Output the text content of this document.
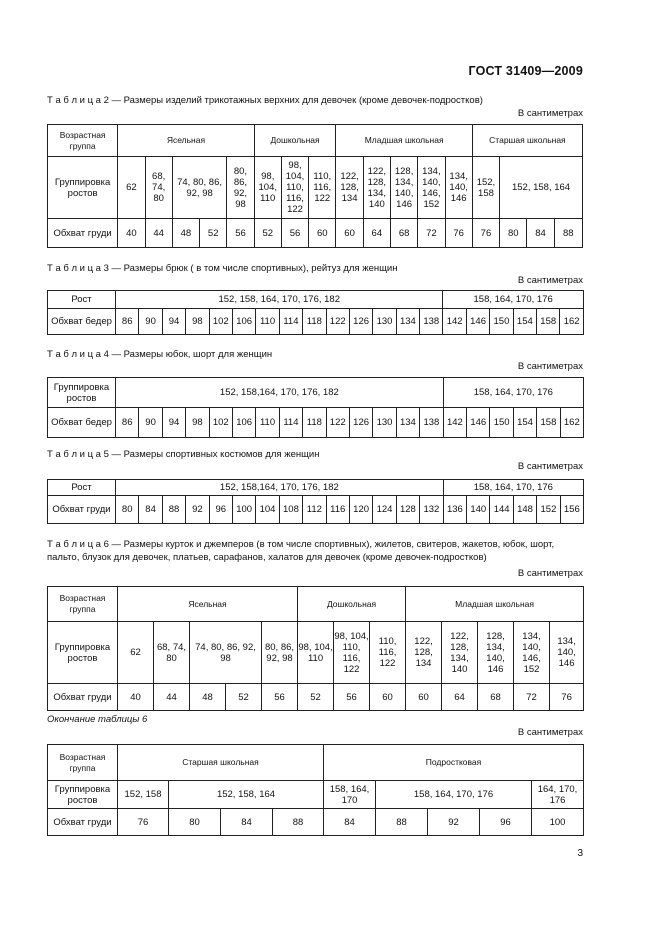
ГОСТ 31409—2009
Т а б л и ц а 2 — Размеры изделий трикотажных верхних для девочек (кроме девочек-подростков)
В сантиметрах
Возрастная группа	Ясельная					Дошкольная			Младшая школьная					Старшая школьная			
Группировка ростов	62	68, 74, 80	74, 80, 86, 92, 98		80, 86, 92, 98	98, 104, 110	98, 104, 110, 116, 122	110, 116, 122	122, 128, 134	122, 128, 134, 140	128, 134, 140, 146	134, 140, 146, 152	134, 140, 146	152, 158	152, 158, 164		
Обхват груди	40	44	48	52	56	52	56	60	60	64	68	72	76	76	80	84	88
Т а б л и ц а 3 — Размеры брюк ( в том числе спортивных), рейтуз для женщин
В сантиметрах
Рост	152, 158, 164, 170, 176, 182														158, 164, 170, 176					
Обхват бедер	86	90	94	98	102	106	110	114	118	122	126	130	134	138	142	146	150	154	158	162
Т а б л и ц а 4 — Размеры юбок, шорт для женщин
В сантиметрах
Группировка ростов	152, 158,164, 170, 176, 182														158, 164, 170, 176					
Обхват бедер	86	90	94	98	102	106	110	114	118	122	126	130	134	138	142	146	150	154	158	162
Т а б л и ц а 5 — Размеры спортивных костюмов для женщин
В сантиметрах
Рост	152, 158,164, 170, 176, 182														158, 164, 170, 176					
Обхват груди	80	84	88	92	96	100	104	108	112	116	120	124	128	132	136	140	144	148	152	156
Т а б л и ц а 6 — Размеры курток и джемперов (в том числе спортивных), жилетов, свитеров, жакетов, юбок, шорт, пальто, блузок для девочек, платьев, сарафанов, халатов для девочек (кроме девочек-подростков)
В сантиметрах
Возрастная группа	Ясельная					Дошкольная			Младшая школьная				
Группировка ростов	62	68, 74, 80	74, 80, 86, 92, 98		80, 86, 92, 98	98, 104, 110	98, 104, 110, 116, 122	110, 116, 122	122, 128, 134	122, 128, 134, 140	128, 134, 140, 146	134, 140, 146, 152	134, 140, 146
Обхват груди	40	44	48	52	56	52	56	60	60	64	68	72	76
Окончание таблицы 6
В сантиметрах
Возрастная группа	Старшая школьная				Подростковая				
Группировка ростов	152, 158	152, 158, 164			158, 164, 170	158, 164, 170, 176			164, 170, 176
Обхват груди	76	80	84	88	84	88	92	96	100
3
